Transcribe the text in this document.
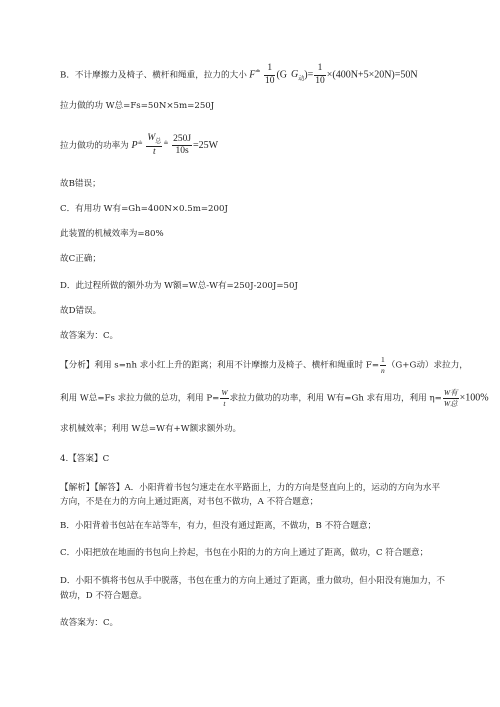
B．不计摩擦力及椅子、横杆和绳重，拉力的大小 $F^≐ \frac{1}{10} (G$ $G_动)= \frac{1}{10} \times(400N+5\times 20N)=50N$
拉力做的功 W总=Fs=50N×5m=250J
拉力做功的功率为 $P^≐ \frac{W_总}{t} ^≐ \frac{250J}{10s} =25W$
故B错误；
C．有用功 W有=Gh=400N×0.5m=200J
此装置的机械效率为=80%
故C正确；
D．此过程所做的额外功为 W额=W总-W有=250J-200J=50J
故D错误。
故答案为：C。
【分析】利用 s=nh 求小红上升的距离；利用不计摩擦力及椅子、横杆和绳重时 $F= \frac{1}{n} (G+G$动）求拉力，
利用 W总=Fs 求拉力做的总功，利用 $P= \frac{W}{t}$ 求拉力做功的功率，利用 W有=Gh 求有用功，利用 $\eta= \frac{\text{W有}}{\text{W总}} \times 100\%$
求机械效率；利用 W总=W有+W额求额外功。
4.【答案】C
【解析】【解答】A．小阳背着书包匀速走在水平路面上，力的方向是竖直向上的，运动的方向为水平
方向，不是在力的方向上通过距离，对书包不做功，A 不符合题意；
B．小阳背着书包站在车站等车，有力，但没有通过距离，不做功，B 不符合题意；
C．小阳把放在地面的书包向上拎起，书包在小阳的力的方向上通过了距离，做功，C 符合题意；
D．小阳不慎将书包从手中脱落，书包在重力的方向上通过了距离，重力做功，但小阳没有施加力，不
做功，D 不符合题意。
故答案为：C。
